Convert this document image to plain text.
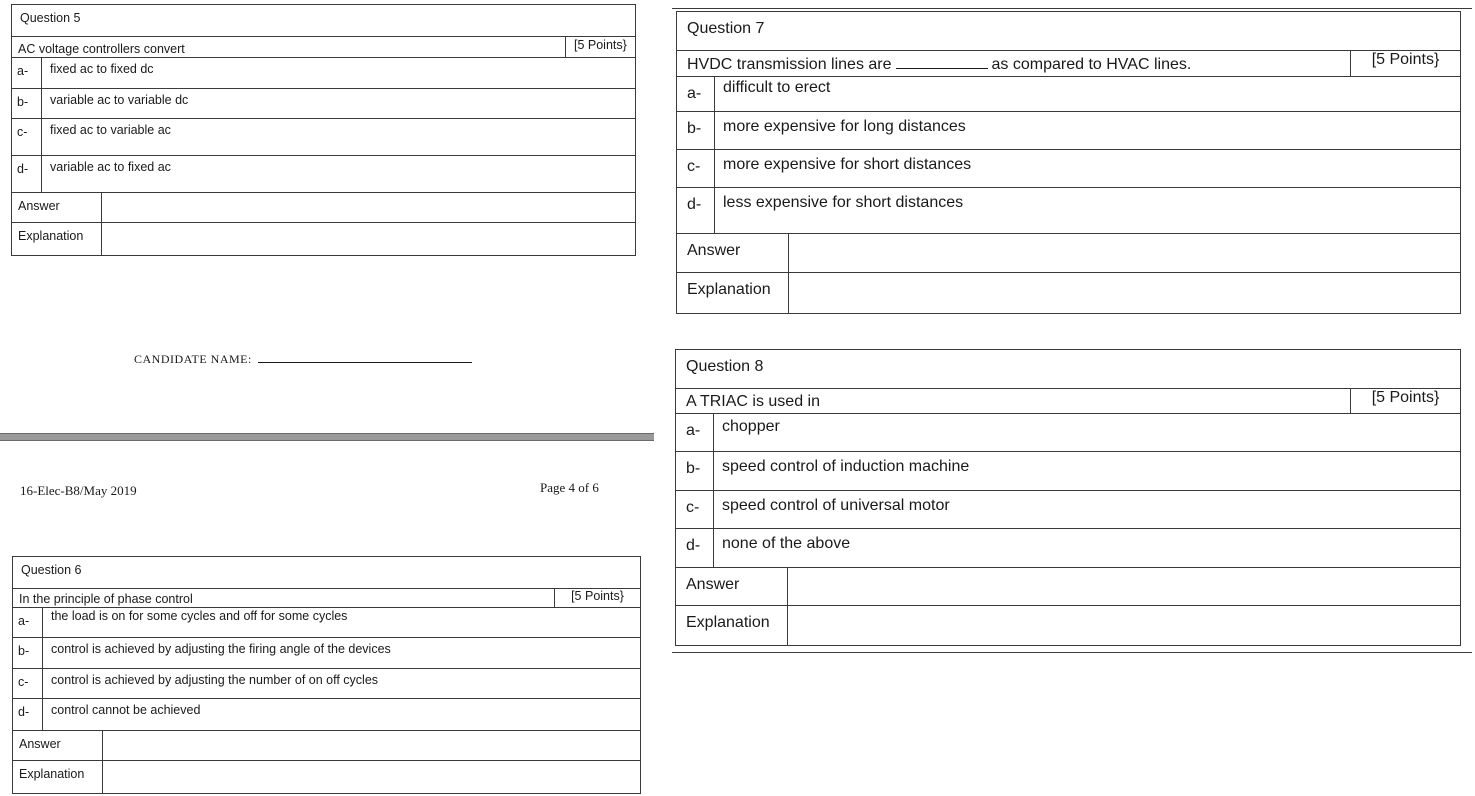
Question 5
AC voltage controllers convert	[5 Points}
a-	fixed ac to fixed dc
b-	variable ac to variable dc
c-	fixed ac to variable ac
d-	variable ac to fixed ac
Answer
Explanation
CANDIDATE NAME:
16-Elec-B8/May 2019	Page 4 of 6
Question 6
In the principle of phase control	[5 Points}
a-	the load is on for some cycles and off for some cycles
b-	control is achieved by adjusting the firing angle of the devices
c-	control is achieved by adjusting the number of on off cycles
d-	control cannot be achieved
Answer
Explanation
Question 7
HVDC transmission lines are	as compared to HVAC lines.	[5 Points}
a-	difficult to erect
b-	more expensive for long distances
c-	more expensive for short distances
d-	less expensive for short distances
Answer
Explanation
Question 8
A TRIAC is used in	[5 Points}
a-	chopper
b-	speed control of induction machine
c-	speed control of universal motor
d-	none of the above
Answer
Explanation
